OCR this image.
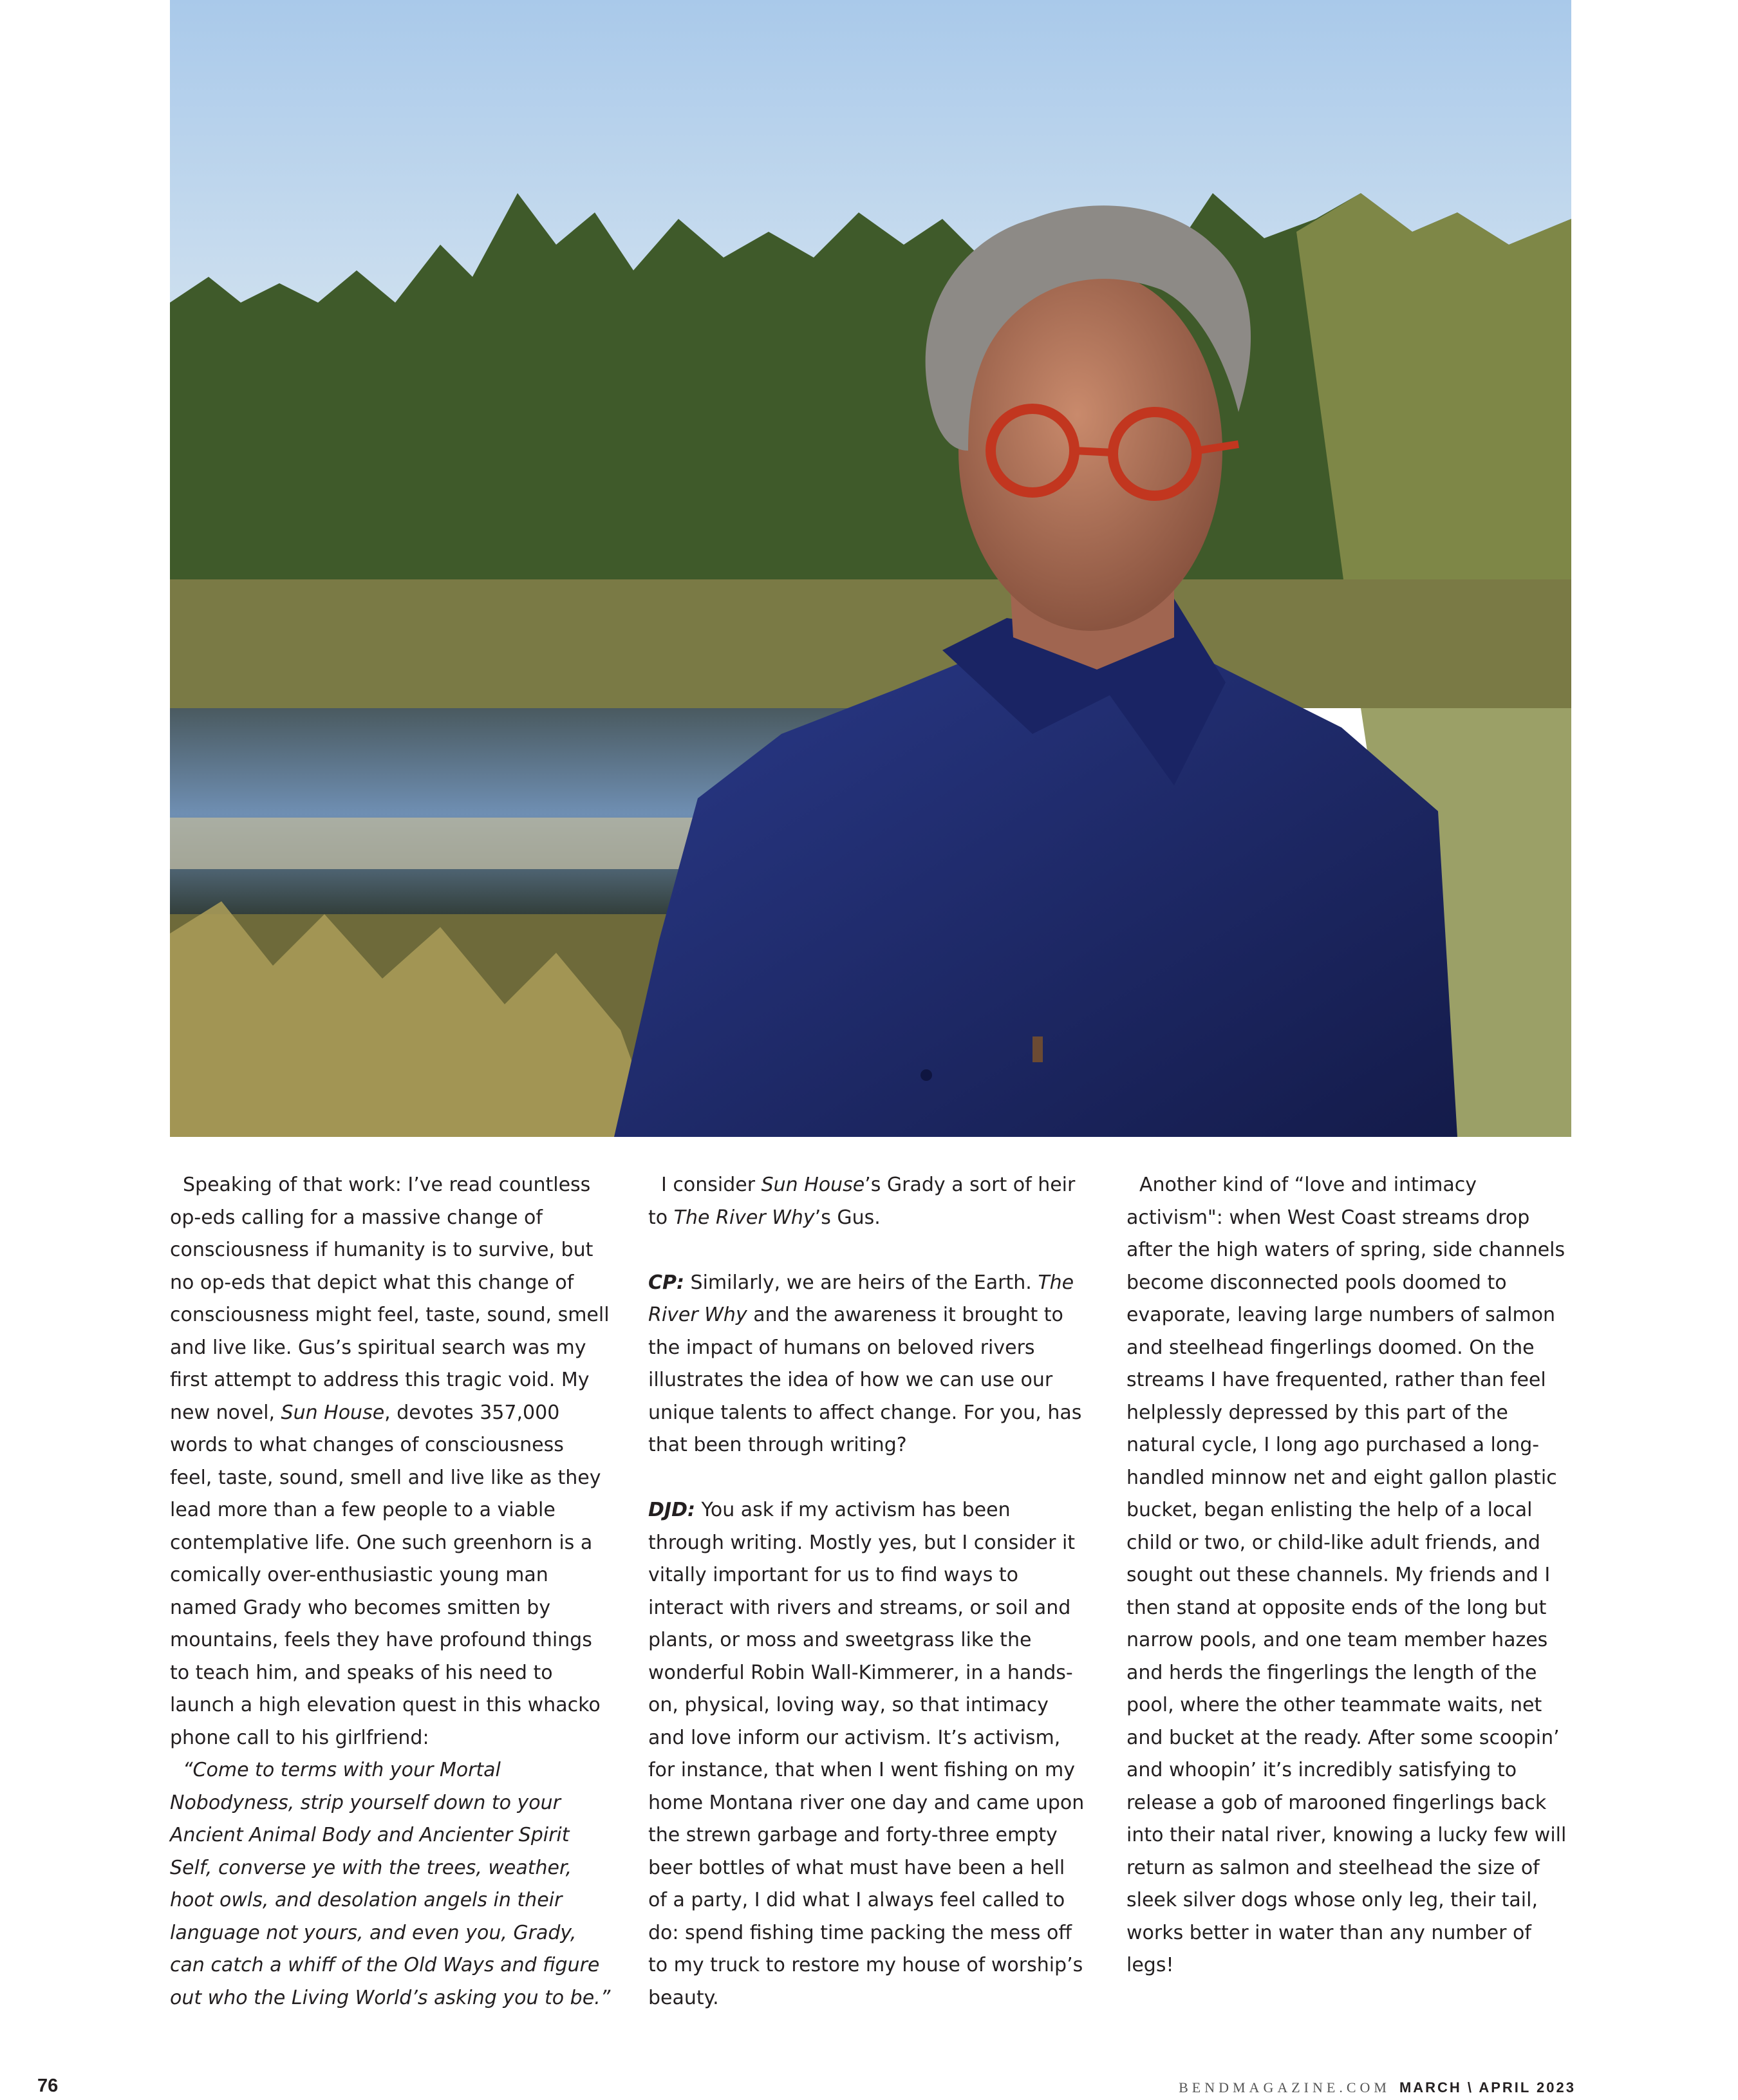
Speaking of that work: I’ve read countless op-eds calling for a massive change of consciousness if humanity is to survive, but no op-eds that depict what this change of consciousness might feel, taste, sound, smell and live like. Gus’s spiritual search was my first attempt to address this tragic void. My new novel, Sun House, devotes 357,000 words to what changes of consciousness feel, taste, sound, smell and live like as they lead more than a few people to a viable contemplative life. One such greenhorn is a comically over-enthusiastic young man named Grady who becomes smitten by mountains, feels they have profound things to teach him, and speaks of his need to launch a high elevation quest in this whacko phone call to his girlfriend:

“Come to terms with your Mortal Nobodyness, strip yourself down to your Ancient Animal Body and Ancienter Spirit Self, converse ye with the trees, weather, hoot owls, and desolation angels in their language not yours, and even you, Grady, can catch a whiff of the Old Ways and figure out who the Living World’s asking you to be.”

I consider Sun House’s Grady a sort of heir to The River Why’s Gus.

CP: Similarly, we are heirs of the Earth. The River Why and the awareness it brought to the impact of humans on beloved rivers illustrates the idea of how we can use our unique talents to affect change. For you, has that been through writing?

DJD: You ask if my activism has been through writing. Mostly yes, but I consider it vitally important for us to find ways to interact with rivers and streams, or soil and plants, or moss and sweetgrass like the wonderful Robin Wall-Kimmerer, in a hands-on, physical, loving way, so that intimacy and love inform our activism. It’s activism, for instance, that when I went fishing on my home Montana river one day and came upon the strewn garbage and forty-three empty beer bottles of what must have been a hell of a party, I did what I always feel called to do: spend fishing time packing the mess off to my truck to restore my house of worship’s beauty.

Another kind of “love and intimacy activism": when West Coast streams drop after the high waters of spring, side channels become disconnected pools doomed to evaporate, leaving large numbers of salmon and steelhead fingerlings doomed. On the streams I have frequented, rather than feel helplessly depressed by this part of the natural cycle, I long ago purchased a long-handled minnow net and eight gallon plastic bucket, began enlisting the help of a local child or two, or child-like adult friends, and sought out these channels. My friends and I then stand at opposite ends of the long but narrow pools, and one team member hazes and herds the fingerlings the length of the pool, where the other teammate waits, net and bucket at the ready. After some scoopin’ and whoopin’ it’s incredibly satisfying to release a gob of marooned fingerlings back into their natal river, knowing a lucky few will return as salmon and steelhead the size of sleek silver dogs whose only leg, their tail, works better in water than any number of legs!

76	BENDMAGAZINE.COM MARCH \ APRIL 2023
